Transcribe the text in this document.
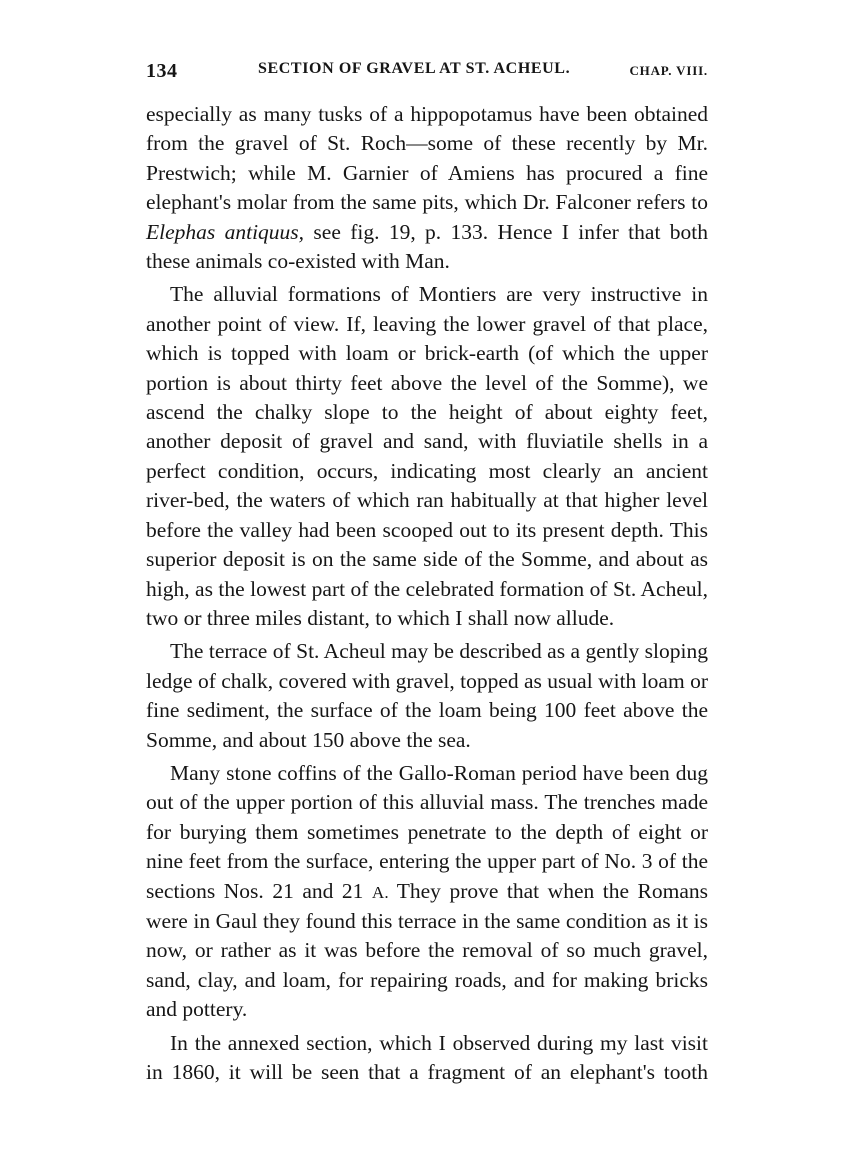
134	SECTION OF GRAVEL AT ST. ACHEUL.	CHAP. VIII.

especially as many tusks of a hippopotamus have been obtained from the gravel of St. Roch—some of these recently by Mr. Prestwich; while M. Garnier of Amiens has procured a fine elephant's molar from the same pits, which Dr. Falconer refers to Elephas antiquus, see fig. 19, p. 133. Hence I infer that both these animals co-existed with Man.

The alluvial formations of Montiers are very instructive in another point of view. If, leaving the lower gravel of that place, which is topped with loam or brick-earth (of which the upper portion is about thirty feet above the level of the Somme), we ascend the chalky slope to the height of about eighty feet, another deposit of gravel and sand, with fluviatile shells in a perfect condition, occurs, indicating most clearly an ancient river-bed, the waters of which ran habitually at that higher level before the valley had been scooped out to its present depth. This superior deposit is on the same side of the Somme, and about as high, as the lowest part of the celebrated formation of St. Acheul, two or three miles distant, to which I shall now allude.

The terrace of St. Acheul may be described as a gently sloping ledge of chalk, covered with gravel, topped as usual with loam or fine sediment, the surface of the loam being 100 feet above the Somme, and about 150 above the sea.

Many stone coffins of the Gallo-Roman period have been dug out of the upper portion of this alluvial mass. The trenches made for burying them sometimes penetrate to the depth of eight or nine feet from the surface, entering the upper part of No. 3 of the sections Nos. 21 and 21 A. They prove that when the Romans were in Gaul they found this terrace in the same condition as it is now, or rather as it was before the removal of so much gravel, sand, clay, and loam, for repairing roads, and for making bricks and pottery.

In the annexed section, which I observed during my last visit in 1860, it will be seen that a fragment of an elephant's tooth
